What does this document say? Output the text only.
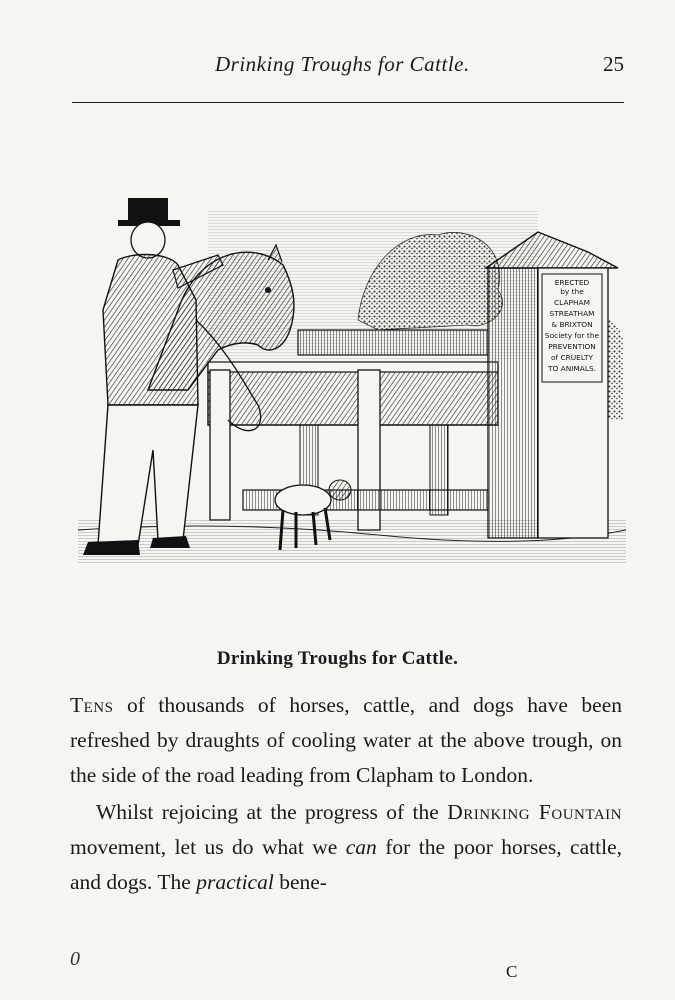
Drinking Troughs for Cattle.	25
ERECTED
by the
CLAPHAM
STREATHAM
& BRIXTON
Society for the
PREVENTION
of CRUELTY
TO ANIMALS.
Drinking Troughs for Cattle.

Tens of thousands of horses, cattle, and dogs have been refreshed by draughts of cooling water at the above trough, on the side of the road leading from Clapham to London.

Whilst rejoicing at the progress of the Drinking Fountain movement, let us do what we can for the poor horses, cattle, and dogs. The practical bene-

0
C
